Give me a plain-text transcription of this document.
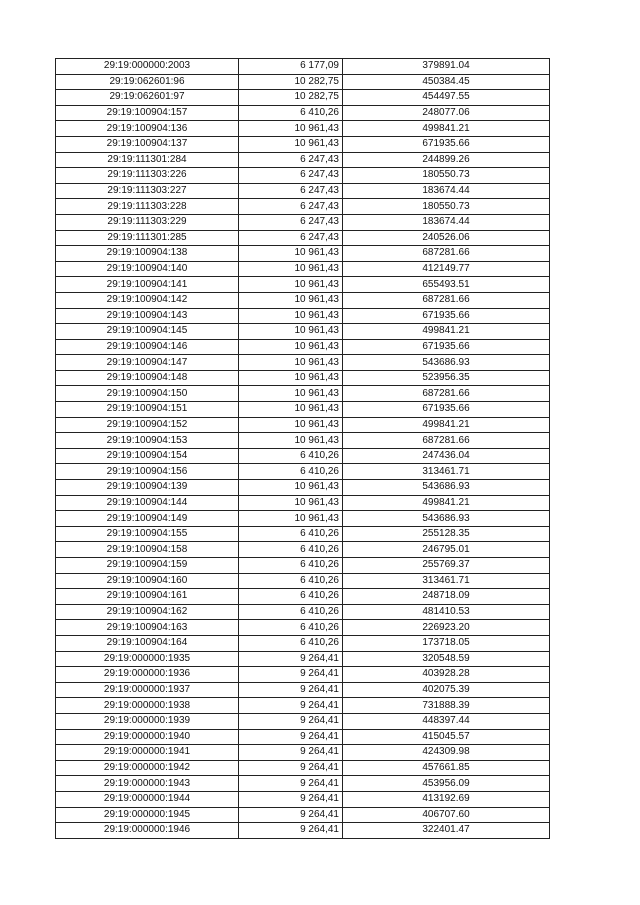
29:19:000000:2003	6 177,09	379891.04
29:19:062601:96	10 282,75	450384.45
29:19:062601:97	10 282,75	454497.55
29:19:100904:157	6 410,26	248077.06
29:19:100904:136	10 961,43	499841.21
29:19:100904:137	10 961,43	671935.66
29:19:111301:284	6 247,43	244899.26
29:19:111303:226	6 247,43	180550.73
29:19:111303:227	6 247,43	183674.44
29:19:111303:228	6 247,43	180550.73
29:19:111303:229	6 247,43	183674.44
29:19:111301:285	6 247,43	240526.06
29:19:100904:138	10 961,43	687281.66
29:19:100904:140	10 961,43	412149.77
29:19:100904:141	10 961,43	655493.51
29:19:100904:142	10 961,43	687281.66
29:19:100904:143	10 961,43	671935.66
29:19:100904:145	10 961,43	499841.21
29:19:100904:146	10 961,43	671935.66
29:19:100904:147	10 961,43	543686.93
29:19:100904:148	10 961,43	523956.35
29:19:100904:150	10 961,43	687281.66
29:19:100904:151	10 961,43	671935.66
29:19:100904:152	10 961,43	499841.21
29:19:100904:153	10 961,43	687281.66
29:19:100904:154	6 410,26	247436.04
29:19:100904:156	6 410,26	313461.71
29:19:100904:139	10 961,43	543686.93
29:19:100904:144	10 961,43	499841.21
29:19:100904:149	10 961,43	543686.93
29:19:100904:155	6 410,26	255128.35
29:19:100904:158	6 410,26	246795.01
29:19:100904:159	6 410,26	255769.37
29:19:100904:160	6 410,26	313461.71
29:19:100904:161	6 410,26	248718.09
29:19:100904:162	6 410,26	481410.53
29:19:100904:163	6 410,26	226923.20
29:19:100904:164	6 410,26	173718.05
29:19:000000:1935	9 264,41	320548.59
29:19:000000:1936	9 264,41	403928.28
29:19:000000:1937	9 264,41	402075.39
29:19:000000:1938	9 264,41	731888.39
29:19:000000:1939	9 264,41	448397.44
29:19:000000:1940	9 264,41	415045.57
29:19:000000:1941	9 264,41	424309.98
29:19:000000:1942	9 264,41	457661.85
29:19:000000:1943	9 264,41	453956.09
29:19:000000:1944	9 264,41	413192.69
29:19:000000:1945	9 264,41	406707.60
29:19:000000:1946	9 264,41	322401.47
